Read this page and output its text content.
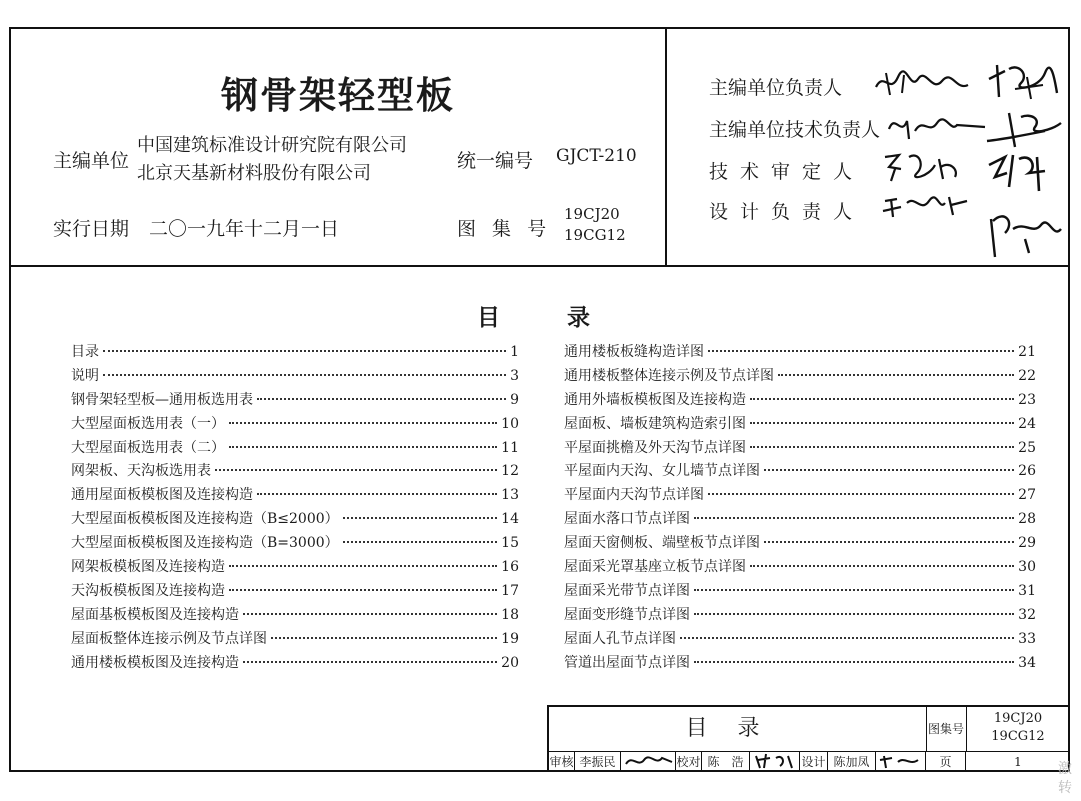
钢骨架轻型板
主编单位
中国建筑标准设计研究院有限公司
北京天基新材料股份有限公司
统一编号 GJCT-210
实行日期 二〇一九年十二月一日	图 集 号
19CJ20
19CG12
主编单位负责人
主编单位技术负责人
技术审定人
设计负责人
目	录
目录	1
说明	3
钢骨架轻型板—通用板选用表	9
大型屋面板选用表（一）	10
大型屋面板选用表（二）	11
网架板、天沟板选用表	12
通用屋面板模板图及连接构造	13
大型屋面板模板图及连接构造（B≤2000）	14
大型屋面板模板图及连接构造（B=3000）	15
网架板模板图及连接构造	16
天沟板模板图及连接构造	17
屋面基板模板图及连接构造	18
屋面板整体连接示例及节点详图	19
通用楼板模板图及连接构造	20
通用楼板板缝构造详图	21
通用楼板整体连接示例及节点详图	22
通用外墙板模板图及连接构造	23
屋面板、墙板建筑构造索引图	24
平屋面挑檐及外天沟节点详图	25
平屋面内天沟、女儿墙节点详图	26
平屋面内天沟节点详图	27
屋面水落口节点详图	28
屋面天窗侧板、端壁板节点详图	29
屋面采光罩基座立板节点详图	30
屋面采光带节点详图	31
屋面变形缝节点详图	32
屋面人孔节点详图	33
管道出屋面节点详图	34
目录	图集号
19CJ20
19CG12
审核 李振民	校对 陈　浩	设计 陈加凤	页	1	激
转
